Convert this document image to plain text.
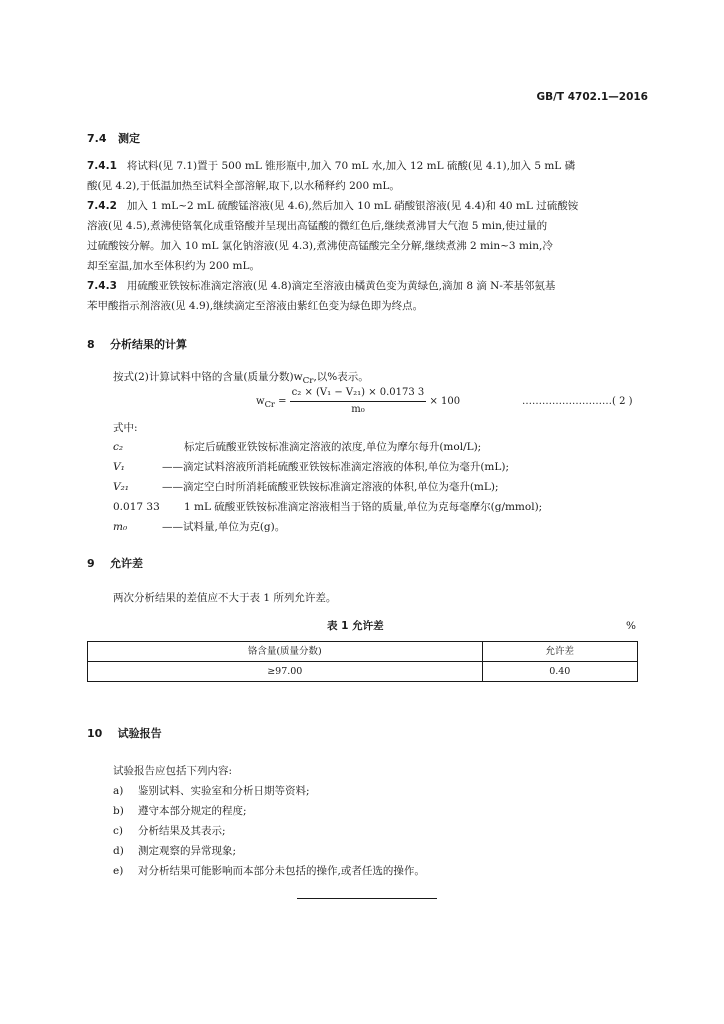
GB/T 4702.1—2016
7.4 测定
7.4.1 将试料(见 7.1)置于 500 mL 锥形瓶中,加入 70 mL 水,加入 12 mL 硫酸(见 4.1),加入 5 mL 磷
酸(见 4.2),于低温加热至试料全部溶解,取下,以水稀释约 200 mL。
7.4.2 加入 1 mL~2 mL 硫酸锰溶液(见 4.6),然后加入 10 mL 硝酸银溶液(见 4.4)和 40 mL 过硫酸铵
溶液(见 4.5),煮沸使铬氧化成重铬酸并呈现出高锰酸的微红色后,继续煮沸冒大气泡 5 min,使过量的
过硫酸铵分解。加入 10 mL 氯化钠溶液(见 4.3),煮沸使高锰酸完全分解,继续煮沸 2 min~3 min,冷
却至室温,加水至体积约为 200 mL。
7.4.3 用硫酸亚铁铵标准滴定溶液(见 4.8)滴定至溶液由橘黄色变为黄绿色,滴加 8 滴 N-苯基邻氨基
苯甲酸指示剂溶液(见 4.9),继续滴定至溶液由紫红色变为绿色即为终点。
8 分析结果的计算
按式(2)计算试料中铬的含量(质量分数)$w_{Cr}$,以%表示。
$w_{Cr} = \frac{\text{c₂ × (V₁ − V₂₁) × 0.0173 3}}{\text{m₀}} \times 100$	………………………( 2 )
式中:
c₂	标定后硫酸亚铁铵标准滴定溶液的浓度,单位为摩尔每升(mol/L);
V₁	——滴定试料溶液所消耗硫酸亚铁铵标准滴定溶液的体积,单位为毫升(mL);
V₂₁	——滴定空白时所消耗硫酸亚铁铵标准滴定溶液的体积,单位为毫升(mL);
0.017 33 1 mL 硫酸亚铁铵标准滴定溶液相当于铬的质量,单位为克每毫摩尔(g/mmol);
m₀	——试料量,单位为克(g)。
9 允许差
两次分析结果的差值应不大于表 1 所列允许差。
表 1 允许差	%
铬含量(质量分数)	允许差
≥97.00	0.40
10 试验报告
试验报告应包括下列内容:
a) 鉴别试料、实验室和分析日期等资料;
b) 遵守本部分规定的程度;
c) 分析结果及其表示;
d) 测定观察的异常现象;
e) 对分析结果可能影响而本部分未包括的操作,或者任选的操作。
